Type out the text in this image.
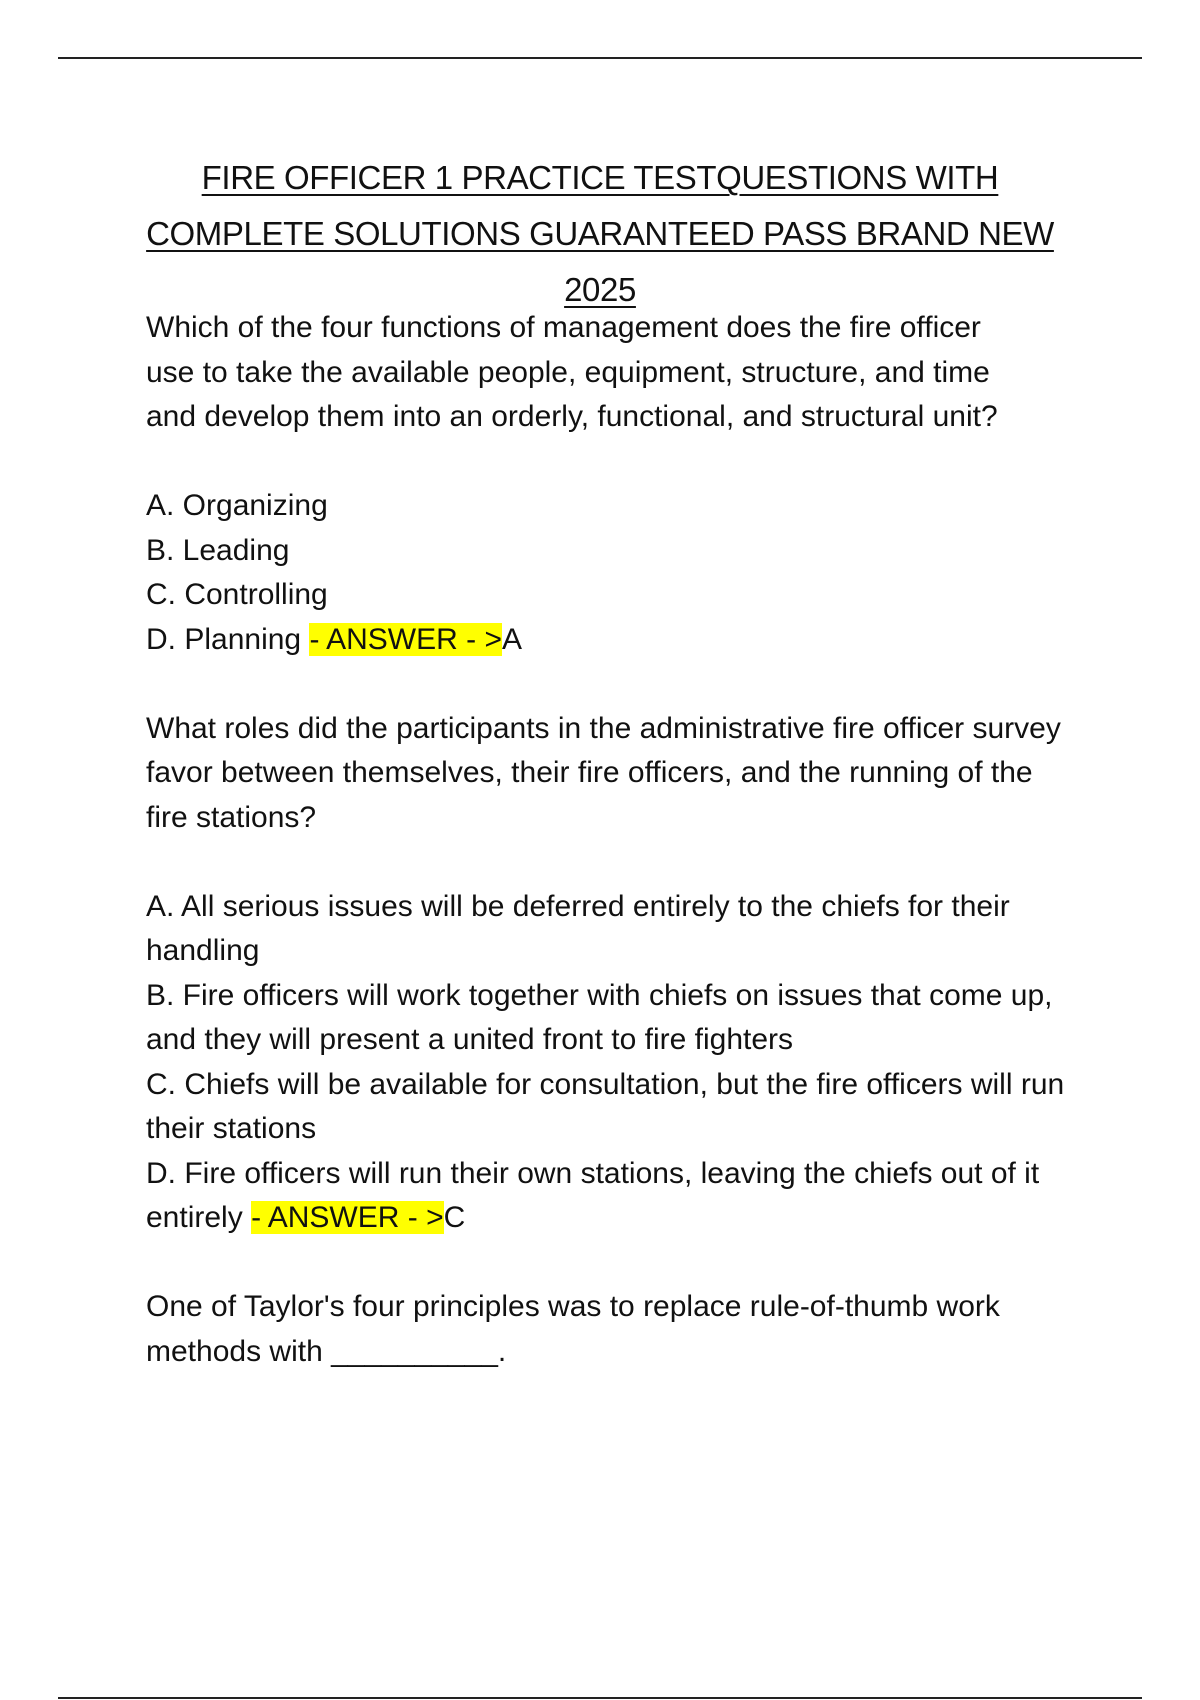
FIRE OFFICER 1 PRACTICE TESTQUESTIONS WITH
COMPLETE SOLUTIONS GUARANTEED PASS BRAND NEW
2025

Which of the four functions of management does the fire officer use to take the available people, equipment, structure, and time and develop them into an orderly, functional, and structural unit?

A. Organizing
B. Leading
C. Controlling
D. Planning - ANSWER - >A

What roles did the participants in the administrative fire officer survey favor between themselves, their fire officers, and the running of the fire stations?

A. All serious issues will be deferred entirely to the chiefs for their handling
B. Fire officers will work together with chiefs on issues that come up, and they will present a united front to fire fighters
C. Chiefs will be available for consultation, but the fire officers will run their stations
D. Fire officers will run their own stations, leaving the chiefs out of it entirely - ANSWER - >C

One of Taylor's four principles was to replace rule-of-thumb work methods with __________.
